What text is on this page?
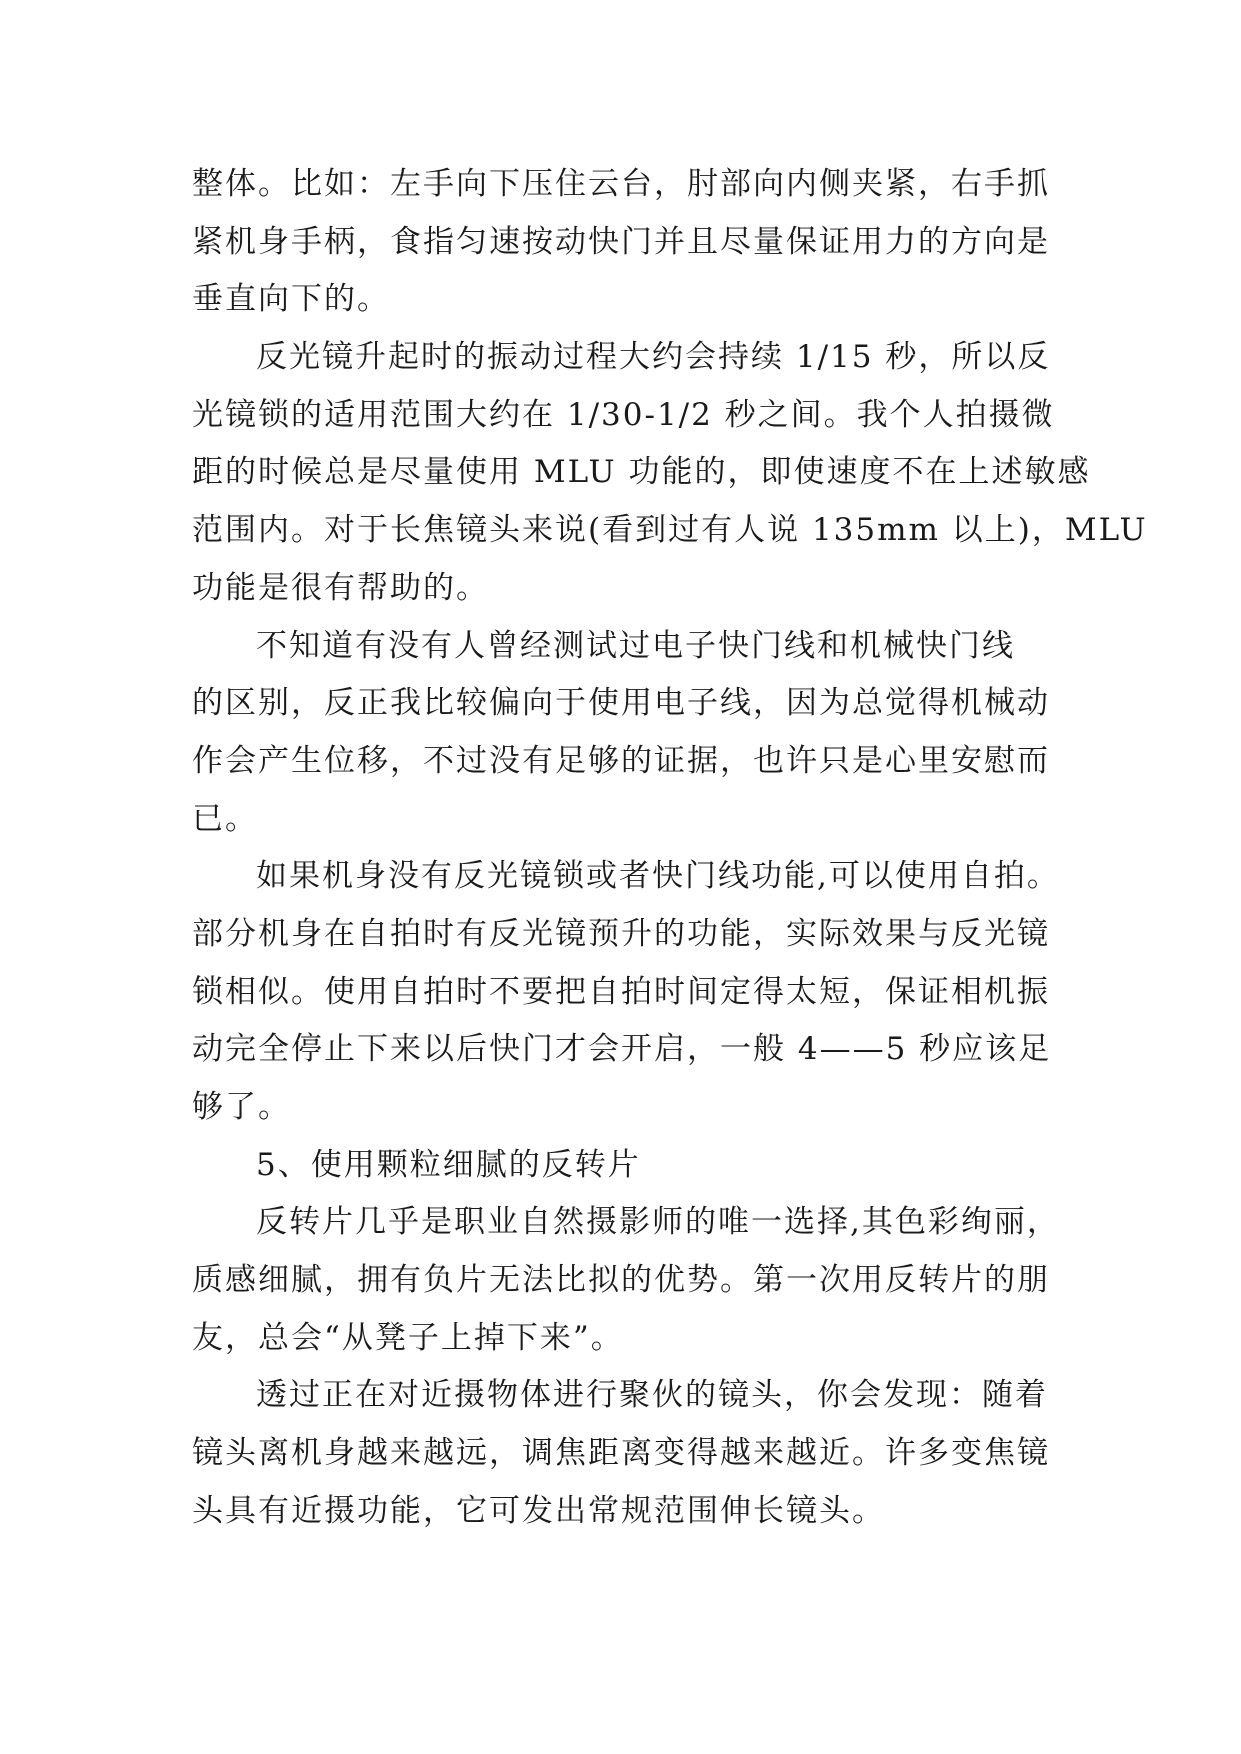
整体。比如：左手向下压住云台，肘部向内侧夹紧，右手抓
紧机身手柄，食指匀速按动快门并且尽量保证用力的方向是
垂直向下的。
反光镜升起时的振动过程大约会持续 1/15 秒，所以反
光镜锁的适用范围大约在 1/30-1/2 秒之间。我个人拍摄微
距的时候总是尽量使用 MLU 功能的，即使速度不在上述敏感
范围内。对于长焦镜头来说(看到过有人说 135mm 以上)，MLU
功能是很有帮助的。
不知道有没有人曾经测试过电子快门线和机械快门线
的区别，反正我比较偏向于使用电子线，因为总觉得机械动
作会产生位移，不过没有足够的证据，也许只是心里安慰而
已。
如果机身没有反光镜锁或者快门线功能,可以使用自拍。
部分机身在自拍时有反光镜预升的功能，实际效果与反光镜
锁相似。使用自拍时不要把自拍时间定得太短，保证相机振
动完全停止下来以后快门才会开启，一般 4——5 秒应该足
够了。
5、使用颗粒细腻的反转片
反转片几乎是职业自然摄影师的唯一选择,其色彩绚丽，
质感细腻，拥有负片无法比拟的优势。第一次用反转片的朋
友，总会“从凳子上掉下来”。
透过正在对近摄物体进行聚伙的镜头，你会发现：随着
镜头离机身越来越远，调焦距离变得越来越近。许多变焦镜
头具有近摄功能，它可发出常规范围伸长镜头。
